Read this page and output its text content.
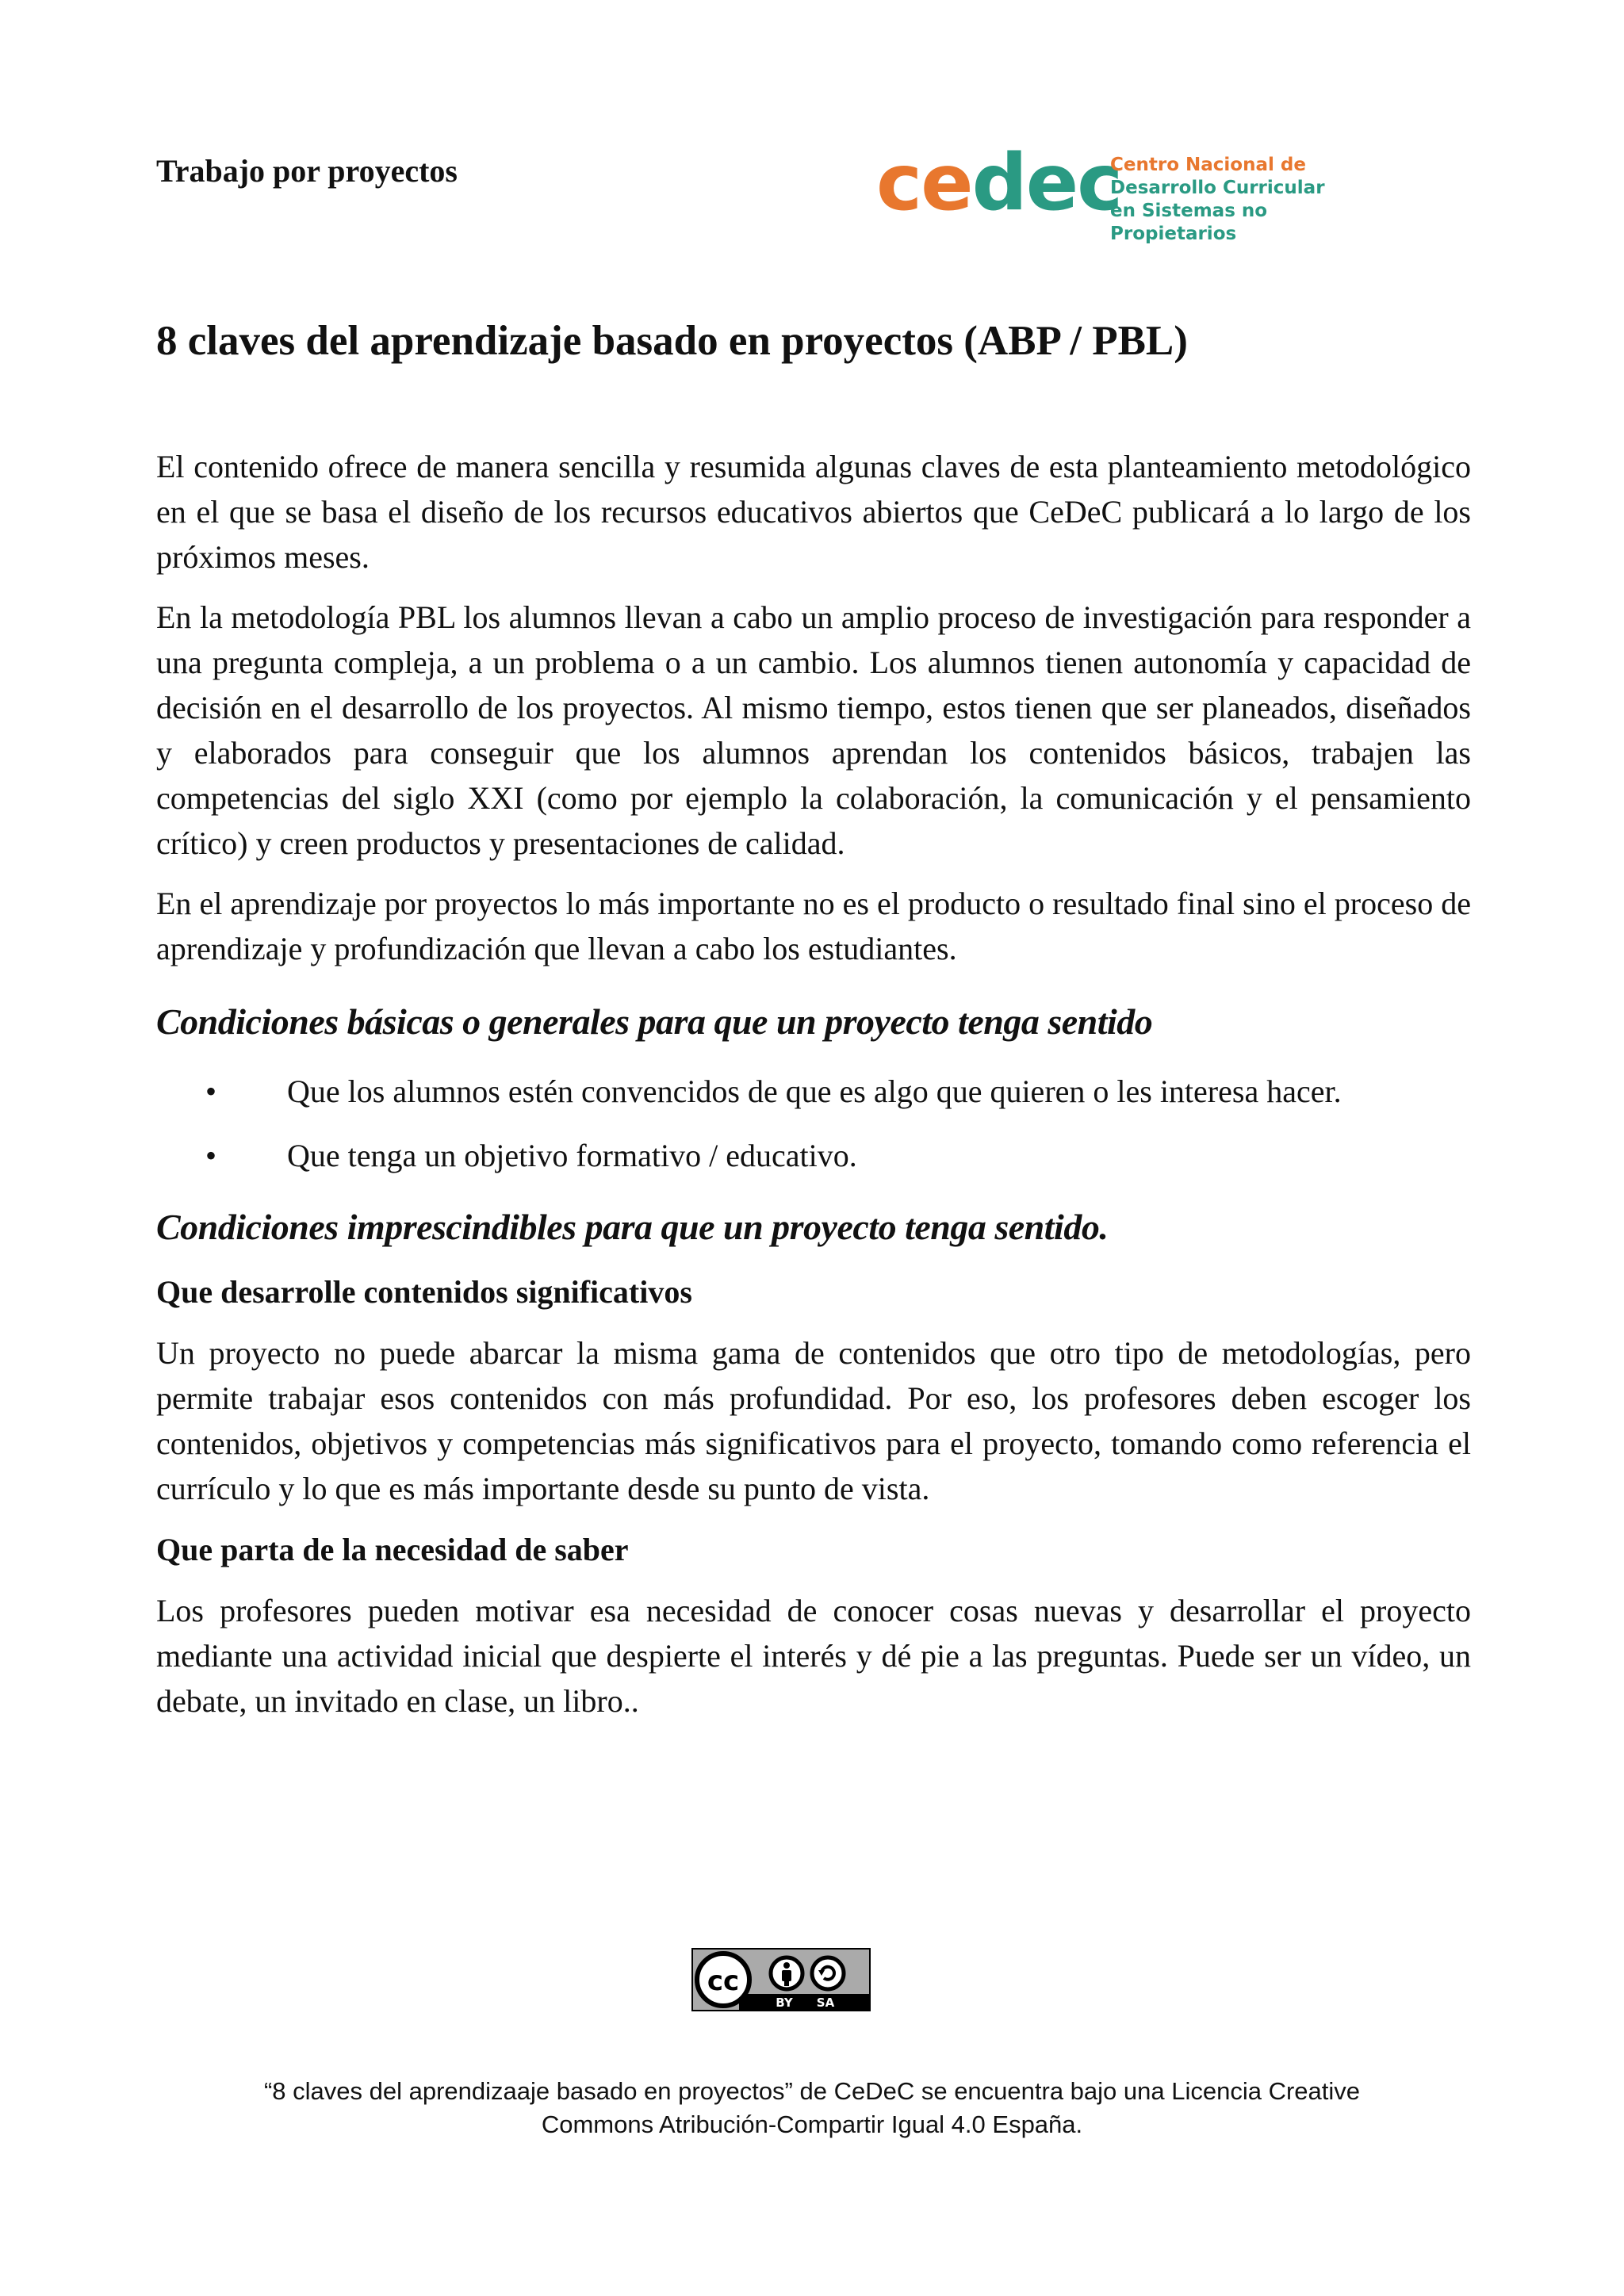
Trabajo por proyectos	cedec
Centro Nacional de
Desarrollo Curricular
en Sistemas no Propietarios
8 claves del aprendizaje basado en proyectos (ABP / PBL)

El contenido ofrece de manera sencilla y resumida algunas claves de esta planteamiento metodológico en el que se basa el diseño de los recursos educativos abiertos que CeDeC publicará a lo largo de los próximos meses.

En la metodología PBL los alumnos llevan a cabo un amplio proceso de investigación para responder a una pregunta compleja, a un problema o a un cambio. Los alumnos tienen autonomía y capacidad de decisión en el desarrollo de los proyectos. Al mismo tiempo, estos tienen que ser planeados, diseñados y elaborados para conseguir que los alumnos aprendan los contenidos básicos, trabajen las competencias del siglo XXI (como por ejemplo la colaboración, la comunicación y el pensamiento crítico) y creen productos y presentaciones de calidad.

En el aprendizaje por proyectos lo más importante no es el producto o resultado final sino el proceso de aprendizaje y profundización que llevan a cabo los estudiantes.

Condiciones básicas o generales para que un proyecto tenga sentido
• Que los alumnos estén convencidos de que es algo que quieren o les interesa hacer.
• Que tenga un objetivo formativo / educativo.
Condiciones imprescindibles para que un proyecto tenga sentido.
Que desarrolle contenidos significativos

Un proyecto no puede abarcar la misma gama de contenidos que otro tipo de metodologías, pero permite trabajar esos contenidos con más profundidad. Por eso, los profesores deben escoger los contenidos, objetivos y competencias más significativos para el proyecto, tomando como referencia el currículo y lo que es más importante desde su punto de vista.

Que parta de la necesidad de saber

Los profesores pueden motivar esa necesidad de conocer cosas nuevas y desarrollar el proyecto mediante una actividad inicial que despierte el interés y dé pie a las preguntas. Puede ser un vídeo, un debate, un invitado en clase, un libro..

cc
BY SA
“8 claves del aprendizaaje basado en proyectos” de CeDeC se encuentra bajo una Licencia Creative
Commons Atribución-Compartir Igual 4.0 España.
